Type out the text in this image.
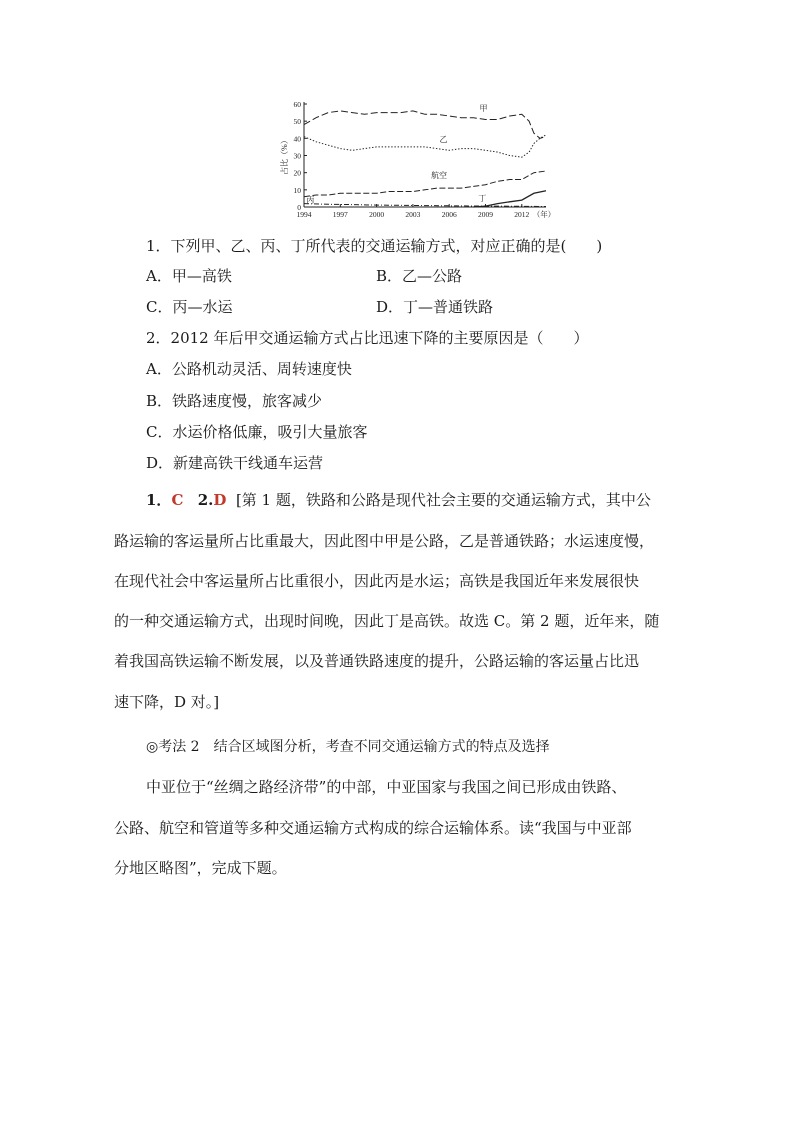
0
10
20
30
40
50
60
1994	1997	2000	2003	2006	2009	2012 （年）
占比（%）
甲
乙
航空
丙	丁
1．下列甲、乙、丙、丁所代表的交通运输方式，对应正确的是(　　)
A．甲—高铁	B．乙—公路
C．丙—水运	D．丁—普通铁路
2．2012 年后甲交通运输方式占比迅速下降的主要原因是（　　）
A．公路机动灵活、周转速度快
B．铁路速度慢，旅客减少
C．水运价格低廉，吸引大量旅客
D．新建高铁干线通车运营
1．C 2.D [第 1 题，铁路和公路是现代社会主要的交通运输方式，其中公
路运输的客运量所占比重最大，因此图中甲是公路，乙是普通铁路；水运速度慢，
在现代社会中客运量所占比重很小，因此丙是水运；高铁是我国近年来发展很快
的一种交通运输方式，出现时间晚，因此丁是高铁。故选 C。第 2 题，近年来，随
着我国高铁运输不断发展，以及普通铁路速度的提升，公路运输的客运量占比迅
速下降，D 对。]
◎考法 2　结合区域图分析，考查不同交通运输方式的特点及选择
中亚位于“丝绸之路经济带”的中部，中亚国家与我国之间已形成由铁路、
公路、航空和管道等多种交通运输方式构成的综合运输体系。读“我国与中亚部
分地区略图”，完成下题。
